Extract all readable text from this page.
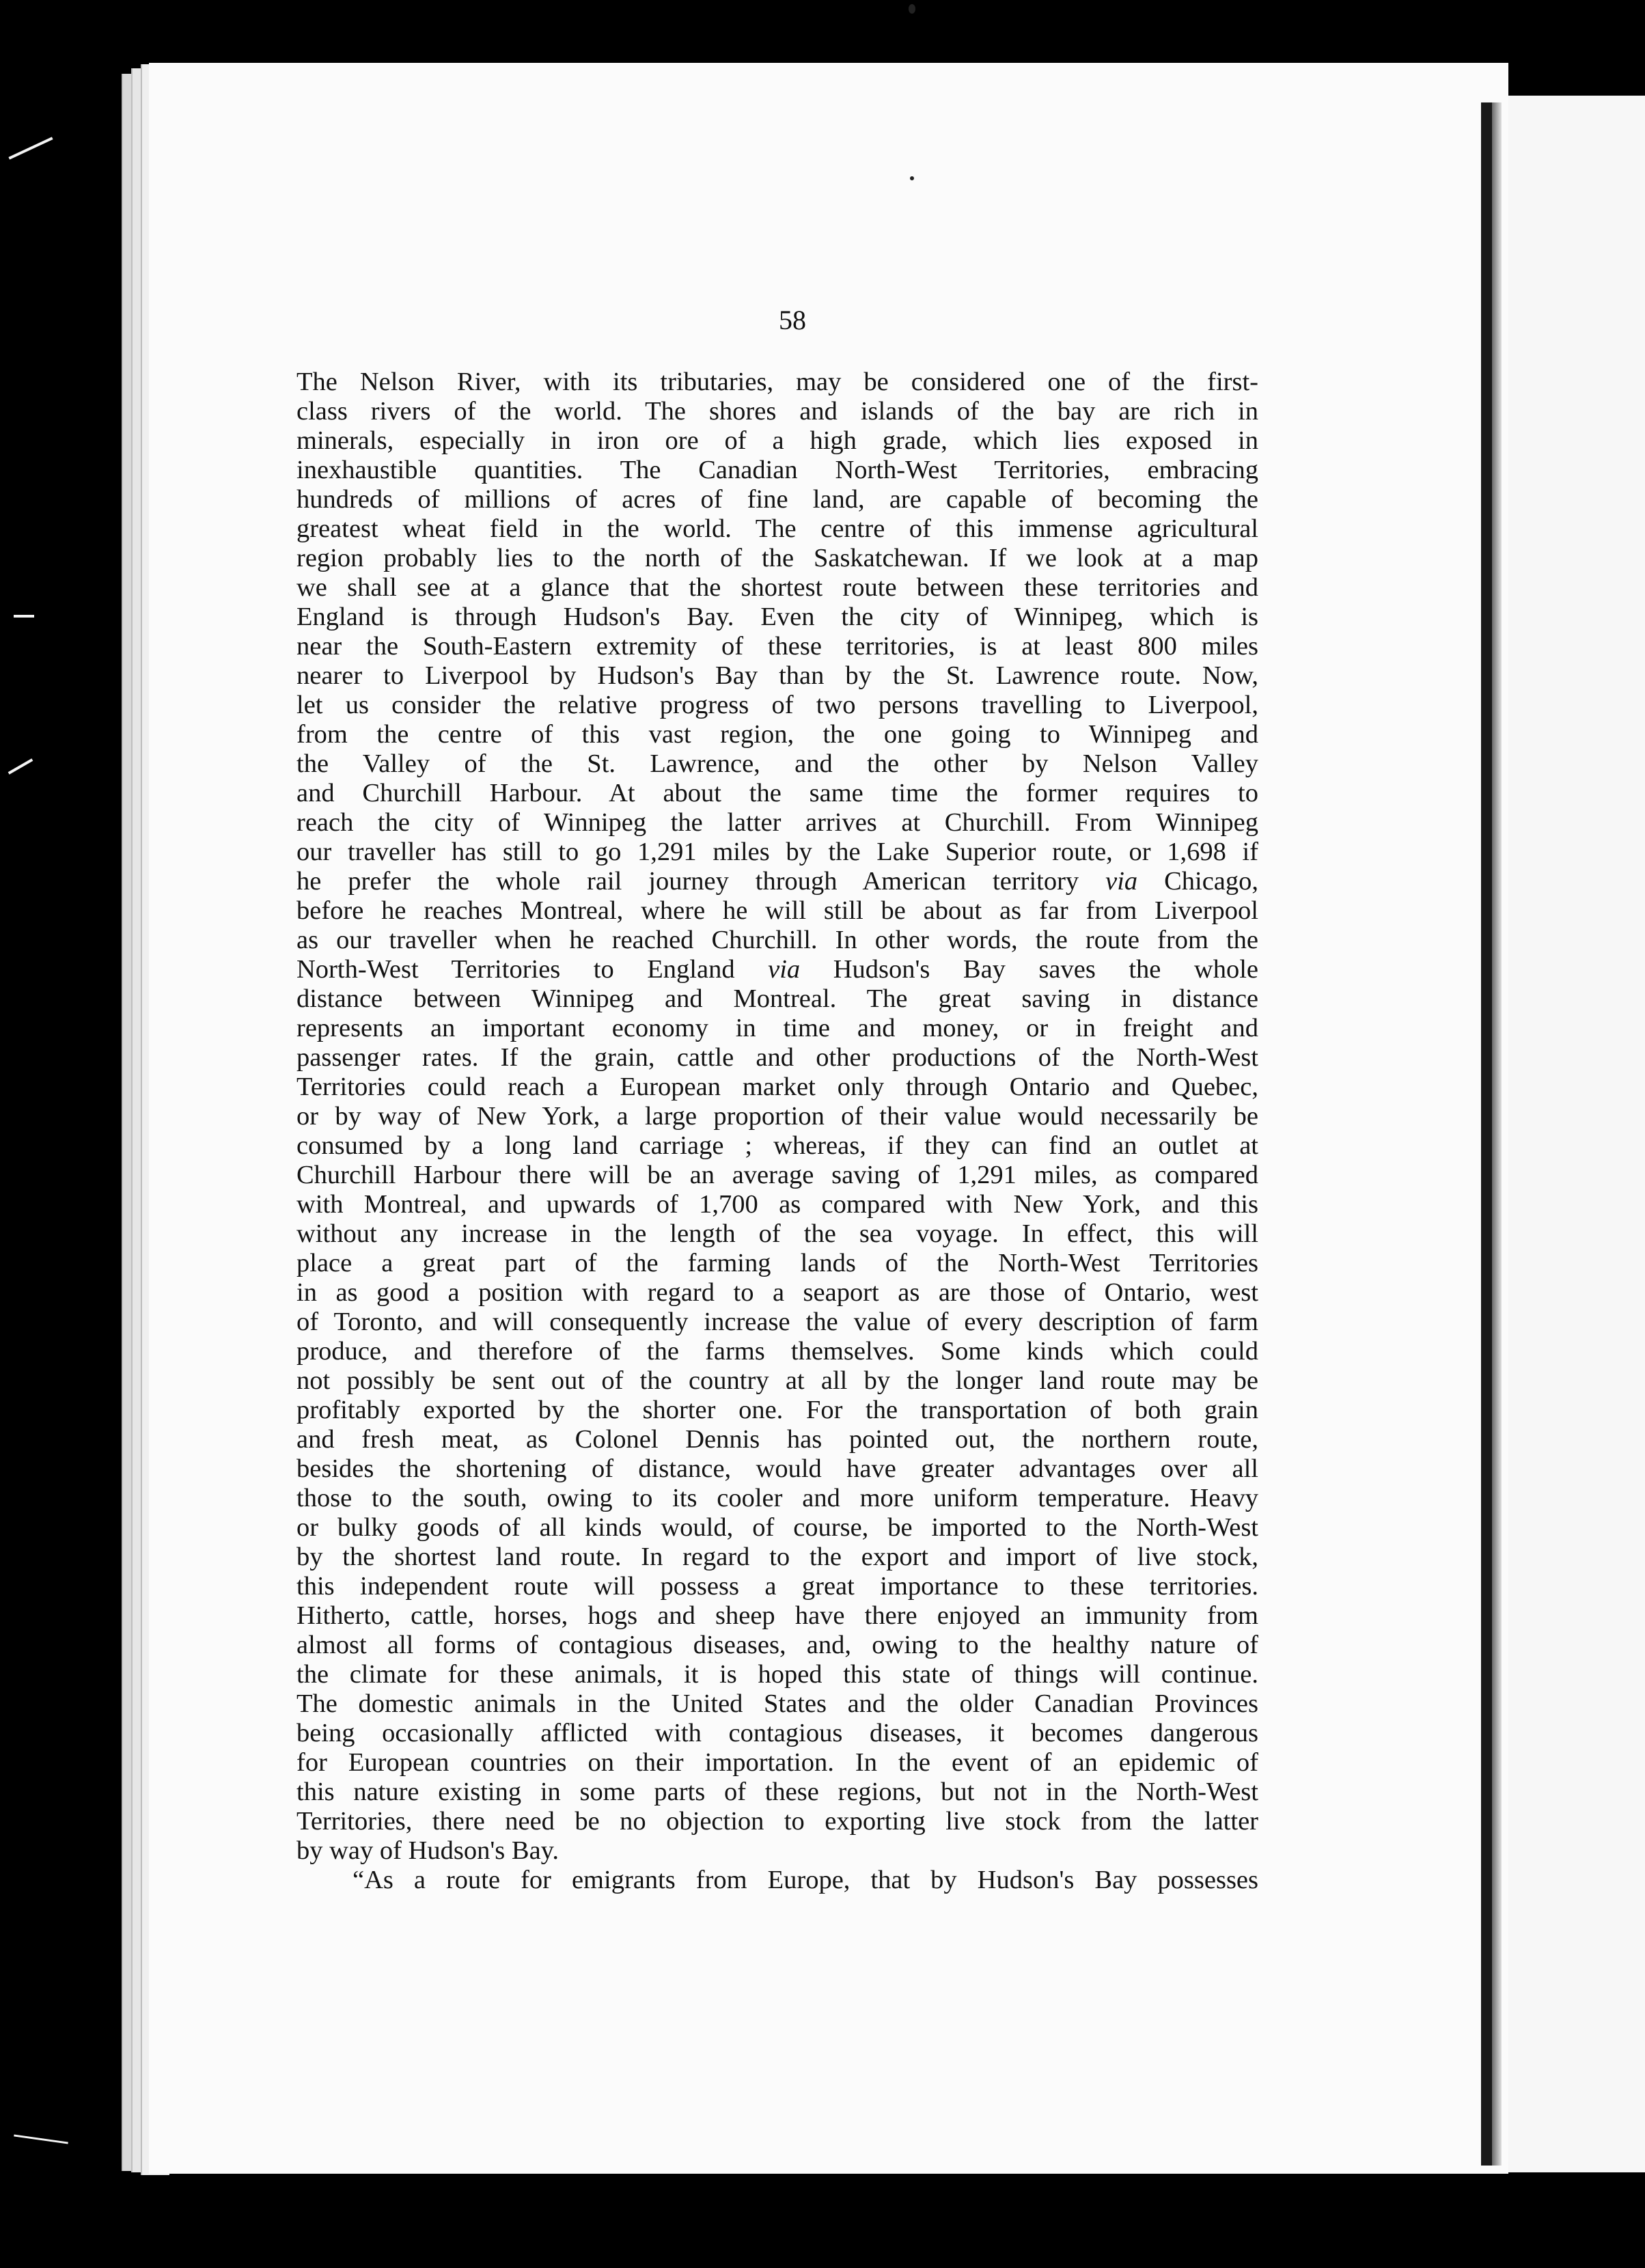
58
The Nelson River, with its tributaries, may be considered one of the first-
class rivers of the world. The shores and islands of the bay are rich in
minerals, especially in iron ore of a high grade, which lies exposed in
inexhaustible quantities. The Canadian North-West Territories, embracing
hundreds of millions of acres of fine land, are capable of becoming the
greatest wheat field in the world. The centre of this immense agricultural
region probably lies to the north of the Saskatchewan. If we look at a map
we shall see at a glance that the shortest route between these territories and
England is through Hudson's Bay. Even the city of Winnipeg, which is
near the South-Eastern extremity of these territories, is at least 800 miles
nearer to Liverpool by Hudson's Bay than by the St. Lawrence route. Now,
let us consider the relative progress of two persons travelling to Liverpool,
from the centre of this vast region, the one going to Winnipeg and
the Valley of the St. Lawrence, and the other by Nelson Valley
and Churchill Harbour. At about the same time the former requires to
reach the city of Winnipeg the latter arrives at Churchill. From Winnipeg
our traveller has still to go 1,291 miles by the Lake Superior route, or 1,698 if
he prefer the whole rail journey through American territory via Chicago,
before he reaches Montreal, where he will still be about as far from Liverpool
as our traveller when he reached Churchill. In other words, the route from the
North-West Territories to England via Hudson's Bay saves the whole
distance between Winnipeg and Montreal. The great saving in distance
represents an important economy in time and money, or in freight and
passenger rates. If the grain, cattle and other productions of the North-West
Territories could reach a European market only through Ontario and Quebec,
or by way of New York, a large proportion of their value would necessarily be
consumed by a long land carriage ; whereas, if they can find an outlet at
Churchill Harbour there will be an average saving of 1,291 miles, as compared
with Montreal, and upwards of 1,700 as compared with New York, and this
without any increase in the length of the sea voyage. In effect, this will
place a great part of the farming lands of the North-West Territories
in as good a position with regard to a seaport as are those of Ontario, west
of Toronto, and will consequently increase the value of every description of farm
produce, and therefore of the farms themselves. Some kinds which could
not possibly be sent out of the country at all by the longer land route may be
profitably exported by the shorter one. For the transportation of both grain
and fresh meat, as Colonel Dennis has pointed out, the northern route,
besides the shortening of distance, would have greater advantages over all
those to the south, owing to its cooler and more uniform temperature. Heavy
or bulky goods of all kinds would, of course, be imported to the North-West
by the shortest land route. In regard to the export and import of live stock,
this independent route will possess a great importance to these territories.
Hitherto, cattle, horses, hogs and sheep have there enjoyed an immunity from
almost all forms of contagious diseases, and, owing to the healthy nature of
the climate for these animals, it is hoped this state of things will continue.
The domestic animals in the United States and the older Canadian Provinces
being occasionally afflicted with contagious diseases, it becomes dangerous
for European countries on their importation. In the event of an epidemic of
this nature existing in some parts of these regions, but not in the North-West
Territories, there need be no objection to exporting live stock from the latter
by way of Hudson's Bay.
“As a route for emigrants from Europe, that by Hudson's Bay possesses
